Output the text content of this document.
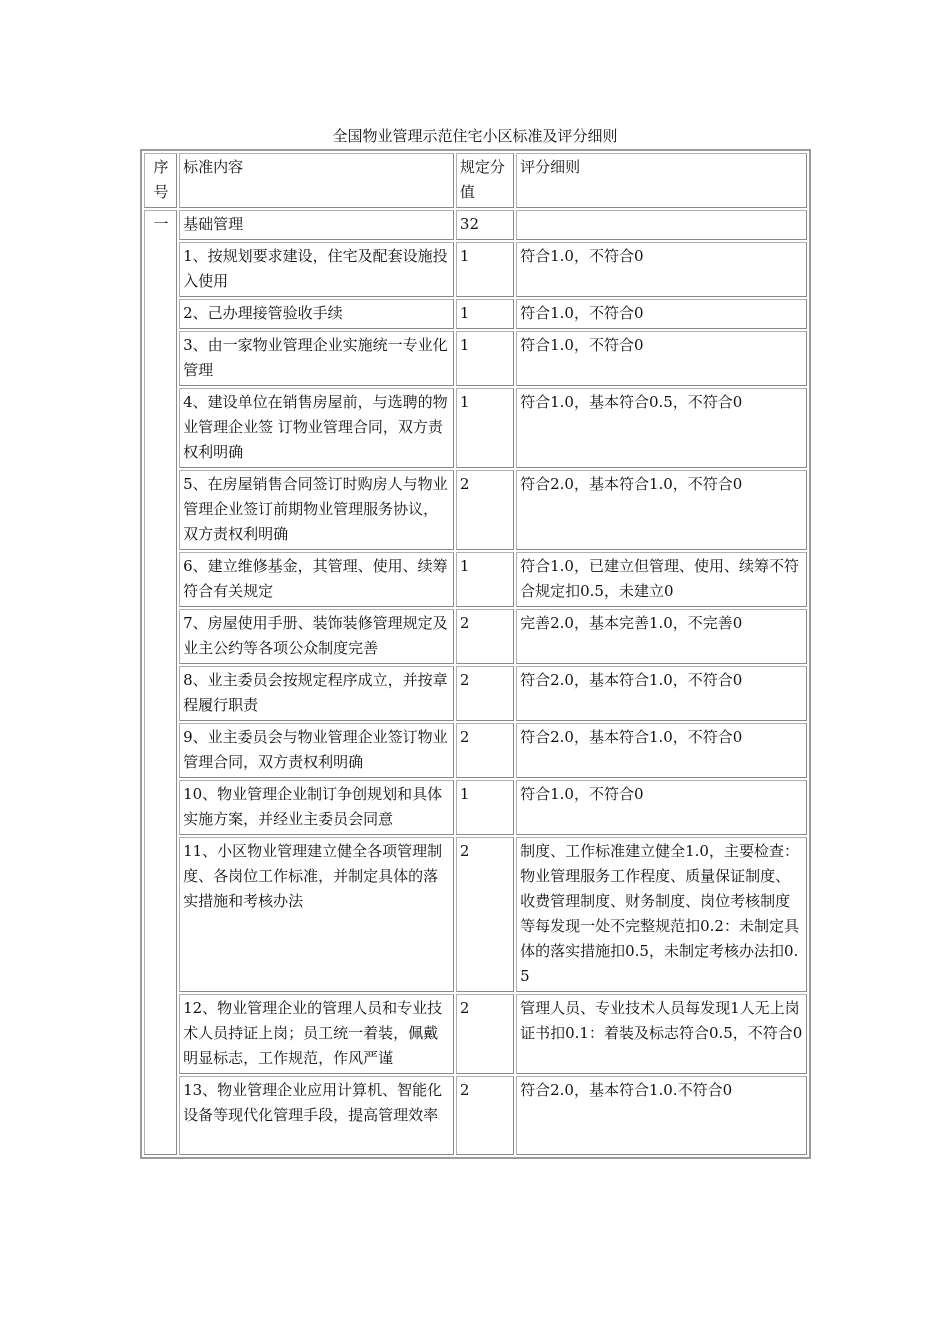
全国物业管理示范住宅小区标准及评分细则
序号	标准内容	规定分值	评分细则
一	基础管理	32	
	1、按规划要求建设，住宅及配套设施投入使用	1	符合1.0，不符合0
	2、己办理接管验收手续	1	符合1.0，不符合0
	3、由一家物业管理企业实施统一专业化管理	1	符合1.0，不符合0
	4、建设单位在销售房屋前，与选聘的物业管理企业签 订物业管理合同，双方责权利明确	1	符合1.0，基本符合0.5，不符合0
	5、在房屋销售合同签订时购房人与物业管理企业签订前期物业管理服务协议，双方责权利明确	2	符合2.0，基本符合1.0，不符合0
	6、建立维修基金，其管理、使用、续筹符合有关规定	1	符合1.0，已建立但管理、使用、续筹不符合规定扣0.5，未建立0
	7、房屋使用手册、装饰装修管理规定及业主公约等各项公众制度完善	2	完善2.0，基本完善1.0，不完善0
	8、业主委员会按规定程序成立，并按章程履行职责	2	符合2.0，基本符合1.0，不符合0
	9、业主委员会与物业管理企业签订物业管理合同，双方责权利明确	2	符合2.0，基本符合1.0，不符合0
	10、物业管理企业制订争创规划和具体实施方案，并经业主委员会同意	1	符合1.0，不符合0
	11、小区物业管理建立健全各项管理制度、各岗位工作标准，并制定具体的落实措施和考核办法	2	制度、工作标准建立健全1.0，主要检查：物业管理服务工作程度、质量保证制度、收费管理制度、财务制度、岗位考核制度等每发现一处不完整规范扣0.2：未制定具体的落实措施扣0.5，未制定考核办法扣0.5
	12、物业管理企业的管理人员和专业技术人员持证上岗；员工统一着装，佩戴明显标志，工作规范，作风严谨	2	管理人员、专业技术人员每发现1人无上岗证书扣0.1：着装及标志符合0.5，不符合0
	13、物业管理企业应用计算机、智能化设备等现代化管理手段，提高管理效率	2	符合2.0，基本符合1.0.不符合0
